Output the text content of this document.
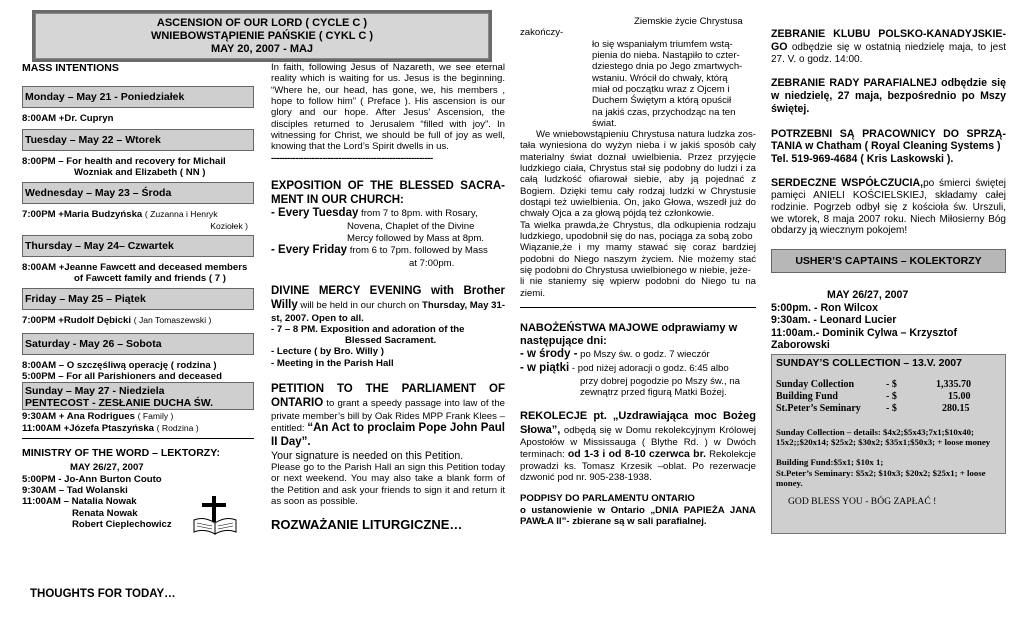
ASCENSION OF OUR LORD ( CYCLE C )
WNIEBOWSTĄPIENIE PAŃSKIE ( CYKL C )
MAY 20, 2007 - MAJ
MASS INTENTIONS
Monday – May 21 - Poniedziałek
8:00AM +Dr. Cupryn
Tuesday – May 22 – Wtorek
8:00PM – For health and recovery for Michail
Wozniak and Elizabeth ( NN )
Wednesday – May 23 – Środa
7:00PM +Maria Budzyńska ( Zuzanna i Henryk
Koziołek )
Thursday – May 24– Czwartek
8:00AM +Jeanne Fawcett and deceased members
of Fawcett family and friends ( 7 )
Friday – May 25 – Piątek
7:00PM +Rudolf Dębicki ( Jan Tomaszewski )
Saturday - May 26 – Sobota
8:00AM – O szczęśliwą operację ( rodzina )
5:00PM – For all Parishioners and deceased
Sunday – May 27 - Niedziela
PENTECOST - ZESŁANIE DUCHA ŚW.
9:30AM + Ana Rodrigues ( Family )
11:00AM +Józefa Ptaszyńska ( Rodzina )
MINISTRY OF THE WORD – LEKTORZY:
MAY 26/27, 2007
5:00PM - Jo-Ann Burton Couto
9:30AM – Tad Wolanski
11:00AM – Natalia Nowak
Renata Nowak
Robert Cieplechowicz
THOUGHTS FOR TODAY…

In faith, following Jesus of Nazareth, we see eternal reality which is waiting for us. Jesus is the beginning. “Where he, our head, has gone, we, his members , hope to follow him” ( Preface ). His ascension is our glory and our hope. After Jesus’ Ascension, the disciples returned to Jerusalem “filled with joy”. In witnessing for Christ, we should be full of joy as well, knowing that the Lord’s Spirit dwells in us.

------------------------------------------------------------
EXPOSITION OF THE BLESSED SACRA-MENT IN OUR CHURCH:
- Every Tuesday from 7 to 8pm. with Rosary,
Novena, Chaplet of the Divine
Mercy followed by Mass at 8pm.
- Every Friday from 6 to 7pm. followed by Mass
at 7:00pm.
DIVINE MERCY EVENING with Brother Willy will be held in our church on Thursday, May 31-st, 2007. Open to all.
- 7 – 8 PM. Exposition and adoration of the
Blessed Sacrament.
- Lecture ( by Bro. Willy )
- Meeting in the Parish Hall
PETITION TO THE PARLIAMENT OF ONTARIO to grant a speedy passage into law of the private member’s bill by Oak Rides MPP Frank Klees – entitled: “An Act to proclaim Pope John Paul II Day”.
Your signature is needed on this Petition.

Please go to the Parish Hall an sign this Petition today or next weekend. You may also take a blank form of the Petition and ask your friends to sign it and return it as soon as possible.

ROZWAŻANIE LITURGICZNE…
Ziemskie życie Chrystusa
zakończy-
ło się wspaniałym triumfem wstą-
pienia do nieba. Nastąpiło to czter-
dziestego dnia po Jego zmartwych-
wstaniu. Wrócił do chwały, którą
miał od początku wraz z Ojcem i
Duchem Świętym a którą opuścił
na jakiś czas, przychodząc na ten
świat.

We wniebowstąpieniu Chrystusa natura ludzka zos-tała wyniesiona do wyżyn nieba i w jakiś sposób cały materialny świat doznał uwielbienia. Przez przyjęcie ludzkiego ciała, Chrystus stał się podobny do ludzi i za całą ludzkość ofiarował siebie, aby ją pojednać z Bogiem. Dzięki temu cały rodzaj ludzki w Chrystusie dostąpi też uwielbienia. On, jako Głowa, wszedł już do chwały Ojca a za głową pójdą też członkowie.

Ta wielka prawda,że Chrystus, dla odkupienia rodzaju ludzkiego, upodobnił się do nas, pociąga za sobą zobo

Wiązanie,że i my mamy stawać się coraz bardziej podobni do Niego naszym życiem. Nie możemy stać się podobni do Chrystusa uwielbionego w niebie, jeże-

li nie staniemy się wpierw podobni do Niego tu na ziemi.

NABOŻEŃSTWA MAJOWE odprawiamy w następujące dni:
- w środy - po Mszy św. o godz. 7 wieczór
- w piątki - pod niżej adoracji o godz. 6:45 albo
przy dobrej pogodzie po Mszy św., na
zewnątrz przed figurą Matki Bożej.
REKOLECJE pt. „Uzdrawiająca moc Bożeg Słowa”, odbędą się w Domu rekolekcyjnym Królowej Apostołów w Mississauga ( Blythe Rd. ) w Dwóch terminach: od 1-3 i od 8-10 czerwca br. Rekolekcje prowadzi ks. Tomasz Krzesik –oblat. Po rezerwacje dzwonić pod nr. 905-238-1938.
PODPISY DO PARLAMENTU ONTARIO
o ustanowienie w Ontario „DNIA PAPIEŻA JANA PAWŁA II”- zbierane są w sali parafialnej.
ZEBRANIE KLUBU POLSKO-KANADYJSKIE-GO odbędzie się w ostatnią niedzielę maja, to jest 27. V. o godz. 14:00.
ZEBRANIE RADY PARAFIALNEJ odbędzie się w niedzielę, 27 maja, bezpośrednio po Mszy świętej.
POTRZEBNI SĄ PRACOWNICY DO SPRZĄ-TANIA w Chatham ( Royal Cleaning Systems )
Tel. 519-969-4684 ( Kris Laskowski ).
SERDECZNE WSPÓŁCZUCIA,po śmierci świętej pamięci ANIELI KOŚCIELSKIEJ, składamy całej rodzinie. Pogrzeb odbył się z kościoła św. Urszuli, we wtorek, 8 maja 2007 roku. Niech Miłosierny Bóg obdarzy ją wiecznym pokojem!
USHER’S CAPTAINS – KOLEKTORZY
MAY 26/27, 2007
5:00pm. - Ron Wilcox
9:30am. - Leonard Lucier
11:00am.- Dominik Cylwa – Krzysztof Zaborowski
SUNDAY’S COLLECTION – 13.V. 2007
Sunday Collection	- $	1,335.70
Building Fund	- $	15.00
St.Peter’s Seminary	- $	280.15
Sunday Collection – details: $4x2;$5x43;7x1;$10x40; 15x2;;$20x14; $25x2; $30x2; $35x1;$50x3; + loose money
Building Fund:$5x1; $10x 1;
St.Peter’s Seminary: $5x2; $10x3; $20x2; $25x1; + loose money.
GOD BLESS YOU - BÓG ZAPŁAĆ !
